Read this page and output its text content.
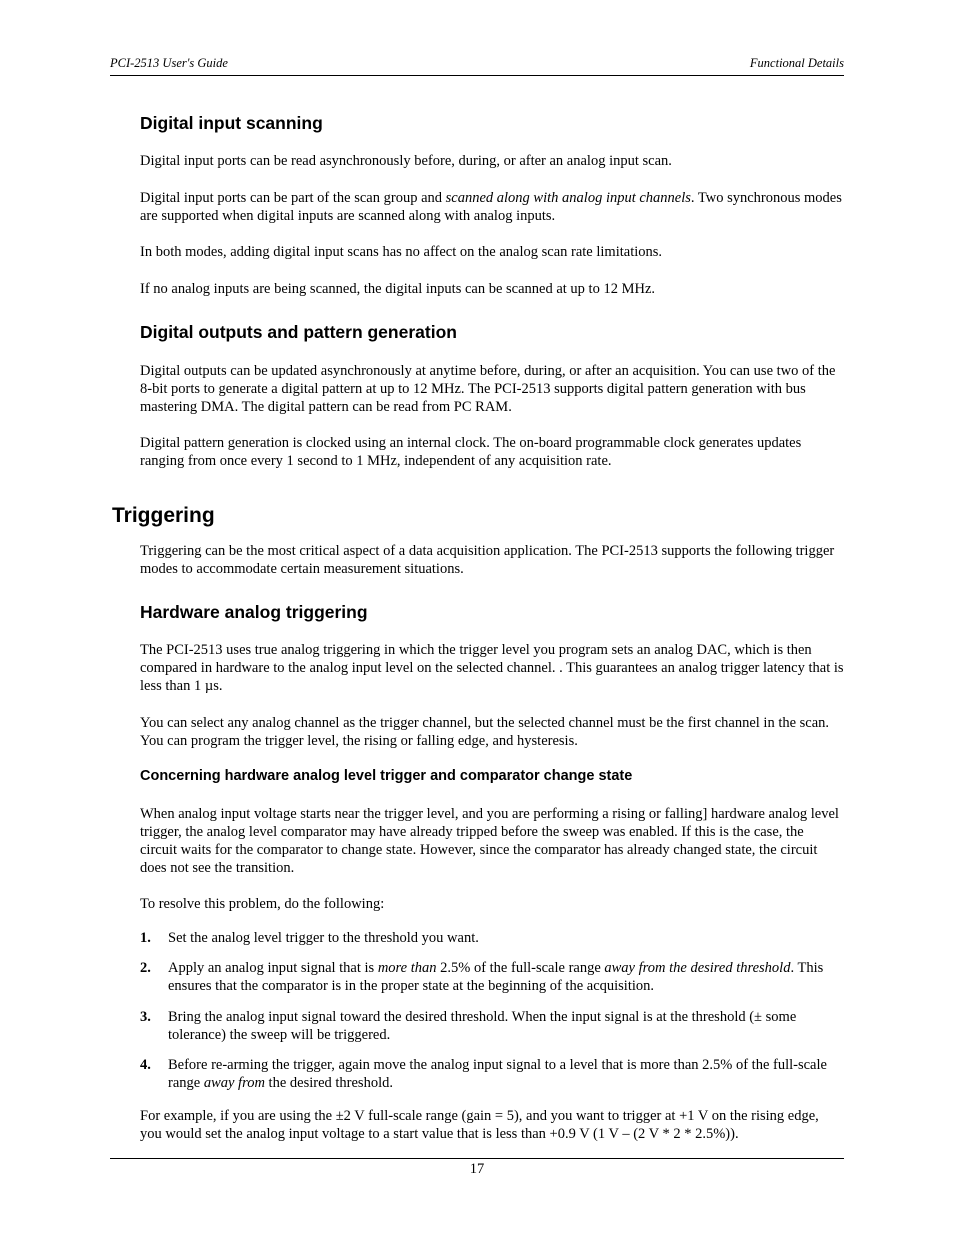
PCI-2513 User's Guide	Functional Details
Digital input scanning

Digital input ports can be read asynchronously before, during, or after an analog input scan.

Digital input ports can be part of the scan group and scanned along with analog input channels. Two synchronous modes are supported when digital inputs are scanned along with analog inputs.

In both modes, adding digital input scans has no affect on the analog scan rate limitations.

If no analog inputs are being scanned, the digital inputs can be scanned at up to 12 MHz.

Digital outputs and pattern generation

Digital outputs can be updated asynchronously at anytime before, during, or after an acquisition. You can use two of the 8-bit ports to generate a digital pattern at up to 12 MHz. The PCI-2513 supports digital pattern generation with bus mastering DMA. The digital pattern can be read from PC RAM.

Digital pattern generation is clocked using an internal clock. The on-board programmable clock generates updates ranging from once every 1 second to 1 MHz, independent of any acquisition rate.

Triggering

Triggering can be the most critical aspect of a data acquisition application. The PCI-2513 supports the following trigger modes to accommodate certain measurement situations.

Hardware analog triggering

The PCI-2513 uses true analog triggering in which the trigger level you program sets an analog DAC, which is then compared in hardware to the analog input level on the selected channel. . This guarantees an analog trigger latency that is less than 1 µs.

You can select any analog channel as the trigger channel, but the selected channel must be the first channel in the scan. You can program the trigger level, the rising or falling edge, and hysteresis.

Concerning hardware analog level trigger and comparator change state

When analog input voltage starts near the trigger level, and you are performing a rising or falling] hardware analog level trigger, the analog level comparator may have already tripped before the sweep was enabled. If this is the case, the circuit waits for the comparator to change state. However, since the comparator has already changed state, the circuit does not see the transition.

To resolve this problem, do the following:

1. Set the analog level trigger to the threshold you want.
2. Apply an analog input signal that is more than 2.5% of the full-scale range away from the desired threshold. This ensures that the comparator is in the proper state at the beginning of the acquisition.
3. Bring the analog input signal toward the desired threshold. When the input signal is at the threshold (± some tolerance) the sweep will be triggered.
4. Before re-arming the trigger, again move the analog input signal to a level that is more than 2.5% of the full-scale range away from the desired threshold.

For example, if you are using the ±2 V full-scale range (gain = 5), and you want to trigger at +1 V on the rising edge, you would set the analog input voltage to a start value that is less than +0.9 V (1 V – (2 V * 2 * 2.5%)).

17
